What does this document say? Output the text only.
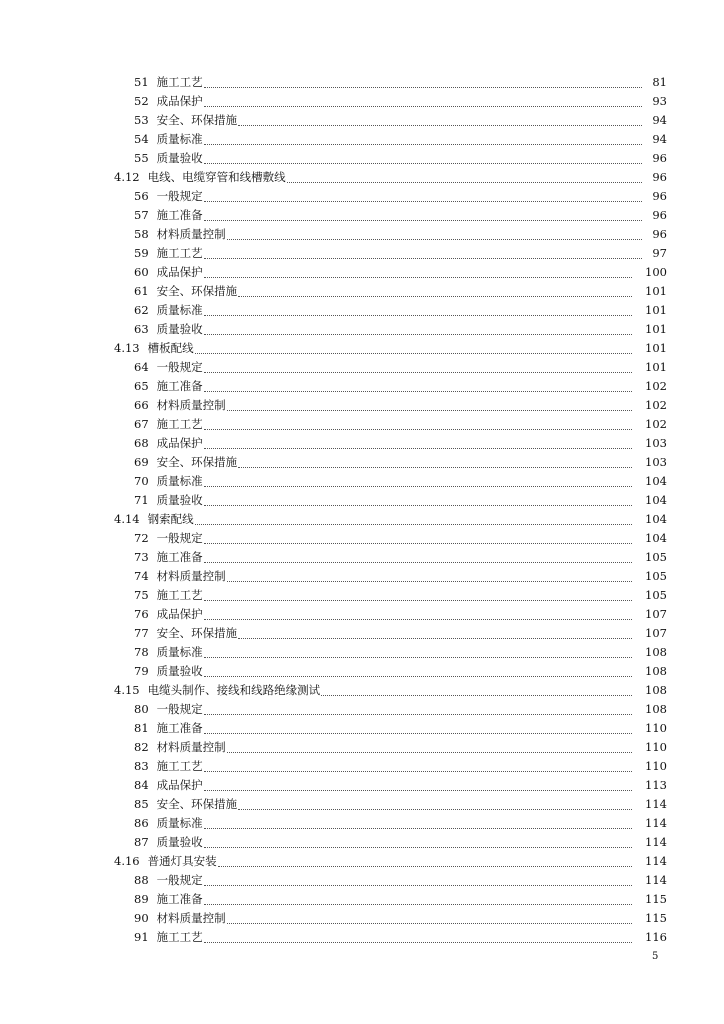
51 施工工艺	81
52 成品保护	93
53 安全、环保措施	94
54 质量标准	94
55 质量验收	96
4.12 电线、电缆穿管和线槽敷线	96
56 一般规定	96
57 施工准备	96
58 材料质量控制	96
59 施工工艺	97
60 成品保护	100
61 安全、环保措施	101
62 质量标准	101
63 质量验收	101
4.13 槽板配线	101
64 一般规定	101
65 施工准备	102
66 材料质量控制	102
67 施工工艺	102
68 成品保护	103
69 安全、环保措施	103
70 质量标准	104
71 质量验收	104
4.14 钢索配线	104
72 一般规定	104
73 施工准备	105
74 材料质量控制	105
75 施工工艺	105
76 成品保护	107
77 安全、环保措施	107
78 质量标准	108
79 质量验收	108
4.15 电缆头制作、接线和线路绝缘测试	108
80 一般规定	108
81 施工准备	110
82 材料质量控制	110
83 施工工艺	110
84 成品保护	113
85 安全、环保措施	114
86 质量标准	114
87 质量验收	114
4.16 普通灯具安装	114
88 一般规定	114
89 施工准备	115
90 材料质量控制	115
91 施工工艺	116
5
